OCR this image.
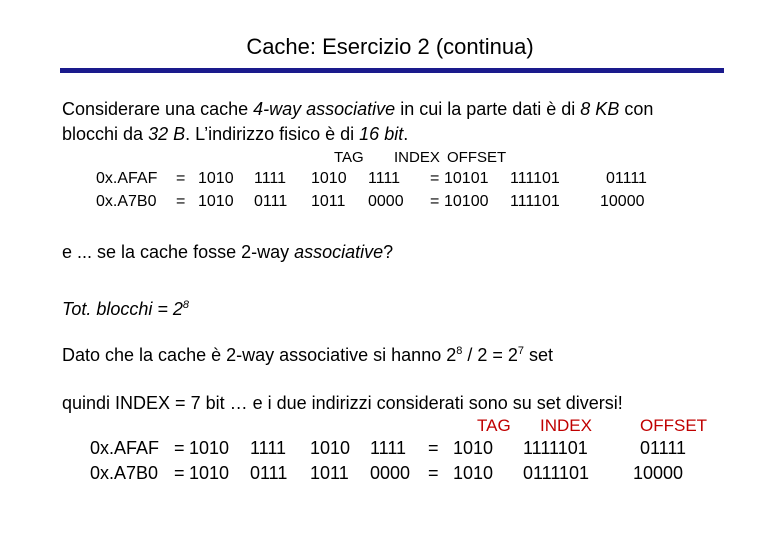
Cache: Esercizio 2 (continua)
Considerare una cache 4-way associative in cui la parte dati è di 8 KB con
blocchi da 32 B. L’indirizzo fisico è di 16 bit.
TAG INDEX OFFSET
0x.AFAF = 1010 1111 1010 1111 = 10101 111101	01111
0x.A7B0 = 1010 0111 1011 0000 = 10100 111101	10000
e ... se la cache fosse 2-way associative?
Tot. blocchi = $2^8$
Dato che la cache è 2-way associative si hanno $2^8 / 2 = 2^7$ set
quindi INDEX = 7 bit … e i due indirizzi considerati sono su set diversi!
TAG INDEX	OFFSET
0x.AFAF = 1010 1111 1010 1111 = 1010 1111101	01111
0x.A7B0 = 1010 0111 1011 0000 = 1010 0111101 10000
